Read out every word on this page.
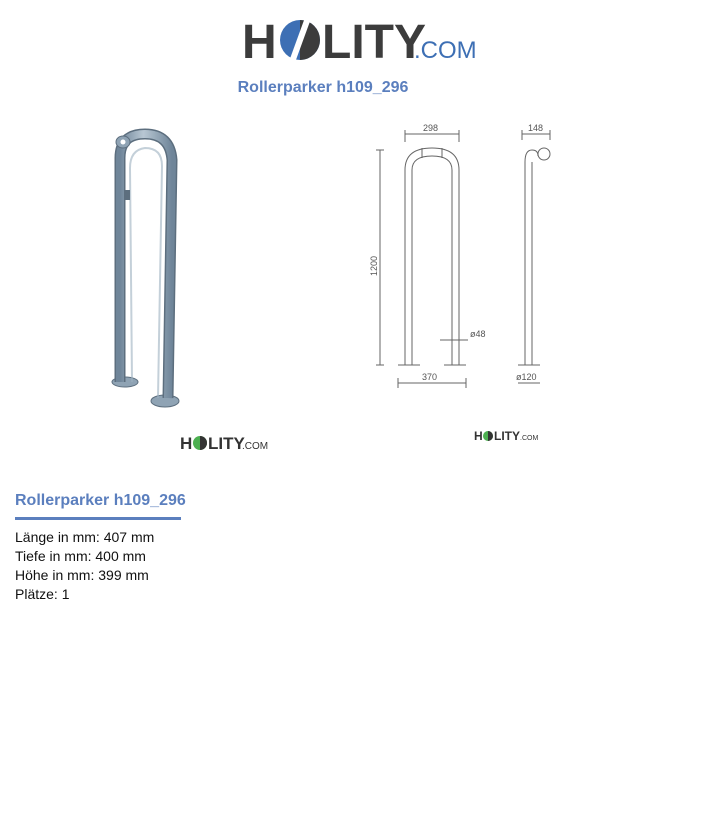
H LITY
.COM
Rollerparker h109_296
298	148
1200
ø48
370	ø120
H LITY
.COM
H LITY .COM
Rollerparker h109_296
Länge in mm: 407 mm
Tiefe in mm: 400 mm
Höhe in mm: 399 mm
Plätze: 1
